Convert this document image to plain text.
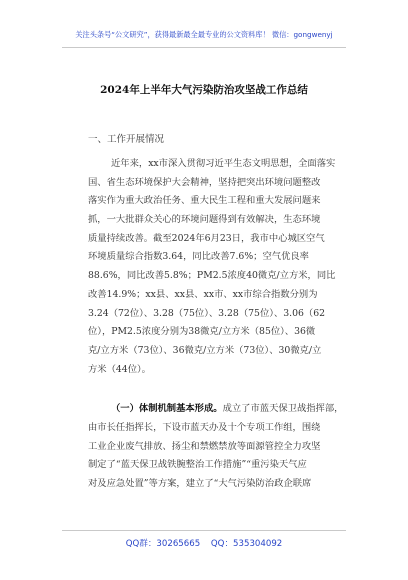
关注头条号“公文研究”，获得最新最全最专业的公文资料库！ 微信：gongwenyj
2024年上半年大气污染防治攻坚战工作总结
一、工作开展情况
近年来，xx市深入贯彻习近平生态文明思想，全面落实
国、省生态环境保护大会精神，坚持把突出环境问题整改
落实作为重大政治任务、重大民生工程和重大发展问题来
抓，一大批群众关心的环境问题得到有效解决，生态环境
质量持续改善。截至2024年6月23日，我市中心城区空气
环境质量综合指数3.64，同比改善7.6%；空气优良率
88.6%，同比改善5.8%；PM2.5浓度40微克/立方米，同比
改善14.9%；xx县、xx县、xx市、xx市综合指数分别为
3.24（72位）、3.28（75位）、3.28（75位）、3.06（62
位），PM2.5浓度分别为38微克/立方米（85位）、36微
克/立方米（73位）、36微克/立方米（73位）、30微克/立
方米（44位）。
（一）体制机制基本形成。成立了市蓝天保卫战指挥部，
由市长任指挥长，下设市蓝天办及十个专项工作组，围绕
工业企业废气排放、扬尘和禁燃禁放等面源管控全力攻坚
制定了“蓝天保卫战铁腕整治工作措施”“重污染天气应
对及应急处置”等方案，建立了“大气污染防治政企联席
QQ群：30265665 QQ：535304092
